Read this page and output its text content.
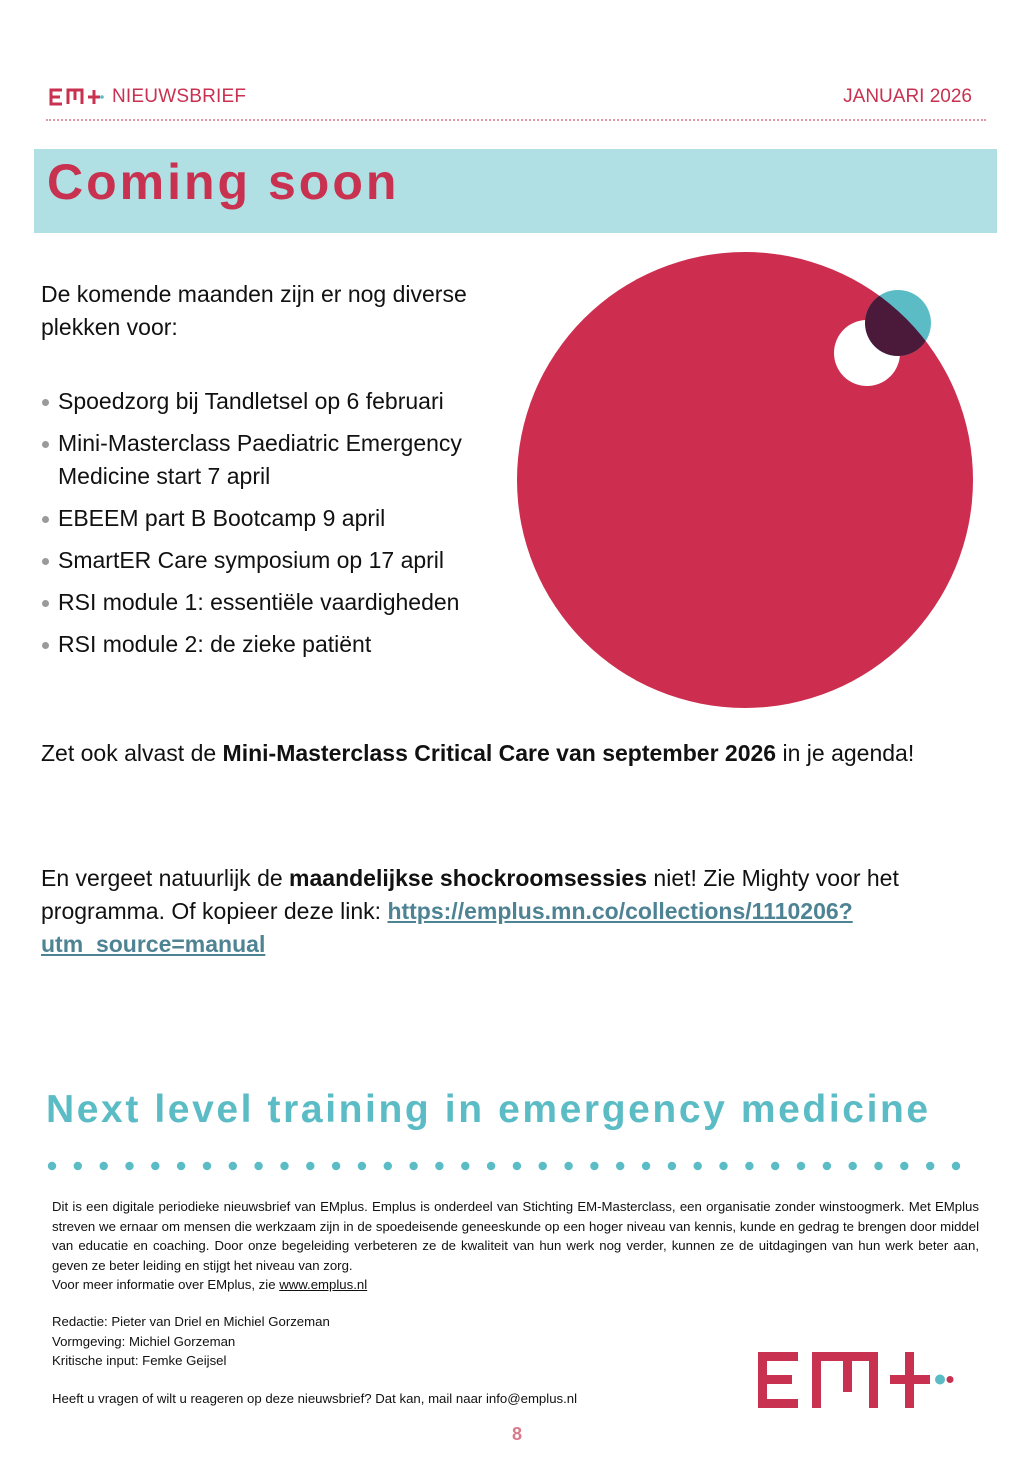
NIEUWSBRIEF	JANUARI 2026
Coming soon

De komende maanden zijn er nog diverse plekken voor:

Spoedzorg bij Tandletsel op 6 februari
Mini-Masterclass Paediatric Emergency Medicine start 7 april
EBEEM part B Bootcamp 9 april
SmartER Care symposium op 17 april
RSI module 1: essentiële vaardigheden
RSI module 2: de zieke patiënt

Zet ook alvast de Mini-Masterclass Critical Care van september 2026 in je agenda!

En vergeet natuurlijk de maandelijkse shockroomsessies niet! Zie Mighty voor het programma. Of kopieer deze link: https://emplus.mn.co/collections/1110206?
utm_source=manual

Next level training in emergency medicine

Dit is een digitale periodieke nieuwsbrief van EMplus. Emplus is onderdeel van Stichting EM-Masterclass, een organisatie zonder winstoogmerk. Met EMplus streven we ernaar om mensen die werkzaam zijn in de spoedeisende geneeskunde op een hoger niveau van kennis, kunde en gedrag te brengen door middel van educatie en coaching. Door onze begeleiding verbeteren ze de kwaliteit van hun werk nog verder, kunnen ze de uitdagingen van hun werk beter aan, geven ze beter leiding en stijgt het niveau van zorg.
Voor meer informatie over EMplus, zie www.emplus.nl

Redactie: Pieter van Driel en Michiel Gorzeman
Vormgeving: Michiel Gorzeman
Kritische input: Femke Geijsel
Heeft u vragen of wilt u reageren op deze nieuwsbrief? Dat kan, mail naar info@emplus.nl
8
